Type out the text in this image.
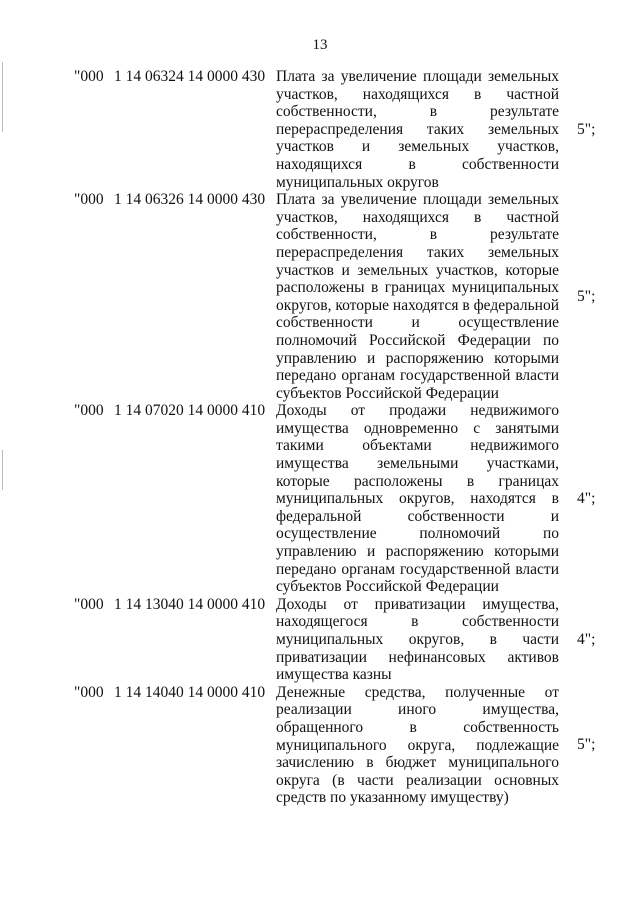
13
"000 1 14 06324 14 0000 430 Плата за увеличение площади земельных участков, находящихся в частной собственности, в результате перераспределения таких земельных участков и земельных участков, находящихся в собственности муниципальных округов
5";
"000 1 14 06326 14 0000 430 Плата за увеличение площади земельных участков, находящихся в частной собственности, в результате перераспределения таких земельных участков и земельных участков, которые расположены в границах муниципальных округов, которые находятся в федеральной собственности и осуществление полномочий Российской Федерации по управлению и распоряжению которыми передано органам государственной власти субъектов Российской Федерации
5";
"000 1 14 07020 14 0000 410 Доходы от продажи недвижимого имущества одновременно с занятыми такими объектами недвижимого имущества земельными участками, которые расположены в границах муниципальных округов, находятся в федеральной собственности и осуществление полномочий по управлению и распоряжению которыми передано органам государственной власти субъектов Российской Федерации
4";
"000 1 14 13040 14 0000 410 Доходы от приватизации имущества, находящегося в собственности муниципальных округов, в части приватизации нефинансовых активов имущества казны
4";
"000 1 14 14040 14 0000 410 Денежные средства, полученные от реализации иного имущества, обращенного в собственность муниципального округа, подлежащие зачислению в бюджет муниципального округа (в части реализации основных средств по указанному имуществу)
5";
